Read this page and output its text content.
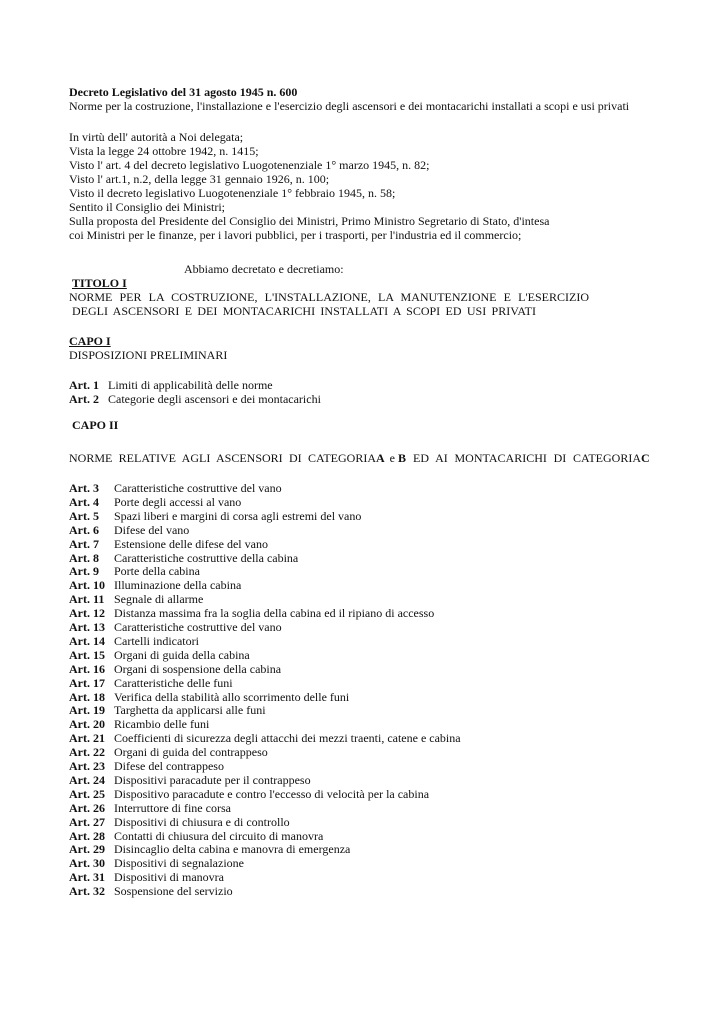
Decreto Legislativo del 31 agosto 1945 n. 600
Norme per la costruzione, l'installazione e l'esercizio degli ascensori e dei montacarichi installati a scopi e usi privati
In virtù dell' autorità a Noi delegata;
Vista la legge 24 ottobre 1942, n. 1415;
Visto l' art. 4 del decreto legislativo Luogotenenziale 1° marzo 1945, n. 82;
Visto l' art.1, n.2, della legge 31 gennaio 1926, n. 100;
Visto il decreto legislativo Luogotenenziale 1° febbraio 1945, n. 58;
Sentito il Consiglio dei Ministri;
Sulla proposta del Presidente del Consiglio dei Ministri, Primo Ministro Segretario di Stato, d'intesa
coi Ministri per le finanze, per i lavori pubblici, per i trasporti, per l'industria ed il commercio;
Abbiamo decretato e decretiamo:
TITOLO I
NORME PER LA COSTRUZIONE, L'INSTALLAZIONE, LA MANUTENZIONE E L'ESERCIZIO
DEGLI ASCENSORI E DEI MONTACARICHI INSTALLATI A SCOPI ED USI PRIVATI
CAPO I
DISPOSIZIONI PRELIMINARI
Art. 1 Limiti di applicabilità delle norme
Art. 2 Categorie degli ascensori e dei montacarichi
CAPO II
NORME RELATIVE AGLI ASCENSORI DI CATEGORIAA e B ED AI MONTACARICHI DI CATEGORIAC
Art. 3 Caratteristiche costruttive del vano
Art. 4 Porte degli accessi al vano
Art. 5 Spazi liberi e margini di corsa agli estremi del vano
Art. 6 Difese del vano
Art. 7 Estensione delle difese del vano
Art. 8 Caratteristiche costruttive della cabina
Art. 9 Porte della cabina
Art. 10 Illuminazione della cabina
Art. 11 Segnale di allarme
Art. 12 Distanza massima fra la soglia della cabina ed il ripiano di accesso
Art. 13 Caratteristiche costruttive del vano
Art. 14 Cartelli indicatori
Art. 15 Organi di guida della cabina
Art. 16 Organi di sospensione della cabina
Art. 17 Caratteristiche delle funi
Art. 18 Verifica della stabilità allo scorrimento delle funi
Art. 19 Targhetta da applicarsi alle funi
Art. 20 Ricambio delle funi
Art. 21 Coefficienti di sicurezza degli attacchi dei mezzi traenti, catene e cabina
Art. 22 Organi di guida del contrappeso
Art. 23 Difese del contrappeso
Art. 24 Dispositivi paracadute per il contrappeso
Art. 25 Dispositivo paracadute e contro l'eccesso di velocità per la cabina
Art. 26 Interruttore di fine corsa
Art. 27 Dispositivi di chiusura e di controllo
Art. 28 Contatti di chiusura del circuito di manovra
Art. 29 Disincaglio delta cabina e manovra di emergenza
Art. 30 Dispositivi di segnalazione
Art. 31 Dispositivi di manovra
Art. 32 Sospensione del servizio
